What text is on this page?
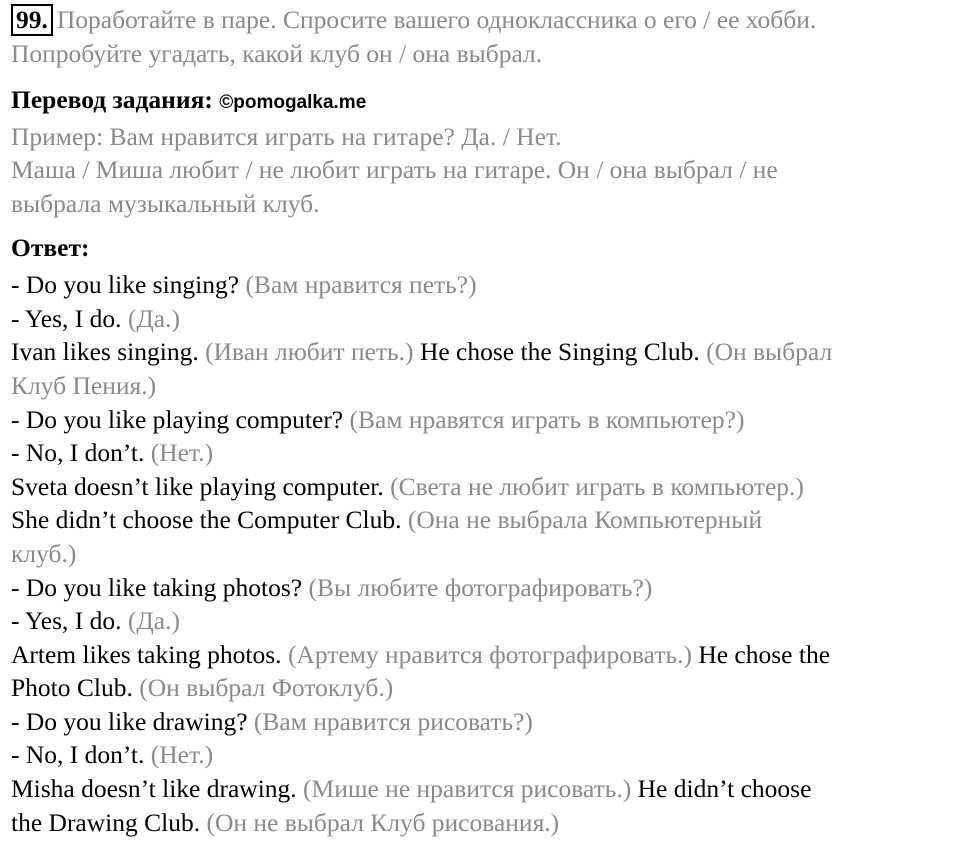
99. Поработайте в паре. Спросите вашего одноклассника о его / ее хобби.
Попробуйте угадать, какой клуб он / она выбрал.
Перевод задания: ©pomogalka.me
Пример: Вам нравится играть на гитаре? Да. / Нет.
Маша / Миша любит / не любит играть на гитаре. Он / она выбрал / не
выбрала музыкальный клуб.
Ответ:
- Do you like singing? (Вам нравится петь?)
- Yes, I do. (Да.)
Ivan likes singing. (Иван любит петь.) He chose the Singing Club. (Он выбрал
Клуб Пения.)
- Do you like playing computer? (Вам нравятся играть в компьютер?)
- No, I don’t. (Нет.)
Sveta doesn’t like playing computer. (Света не любит играть в компьютер.)
She didn’t choose the Computer Club. (Она не выбрала Компьютерный
клуб.)
- Do you like taking photos? (Вы любите фотографировать?)
- Yes, I do. (Да.)
Artem likes taking photos. (Артему нравится фотографировать.) He chose the
Photo Club. (Он выбрал Фотоклуб.)
- Do you like drawing? (Вам нравится рисовать?)
- No, I don’t. (Нет.)
Misha doesn’t like drawing. (Мише не нравится рисовать.) He didn’t choose
the Drawing Club. (Он не выбрал Клуб рисования.)
